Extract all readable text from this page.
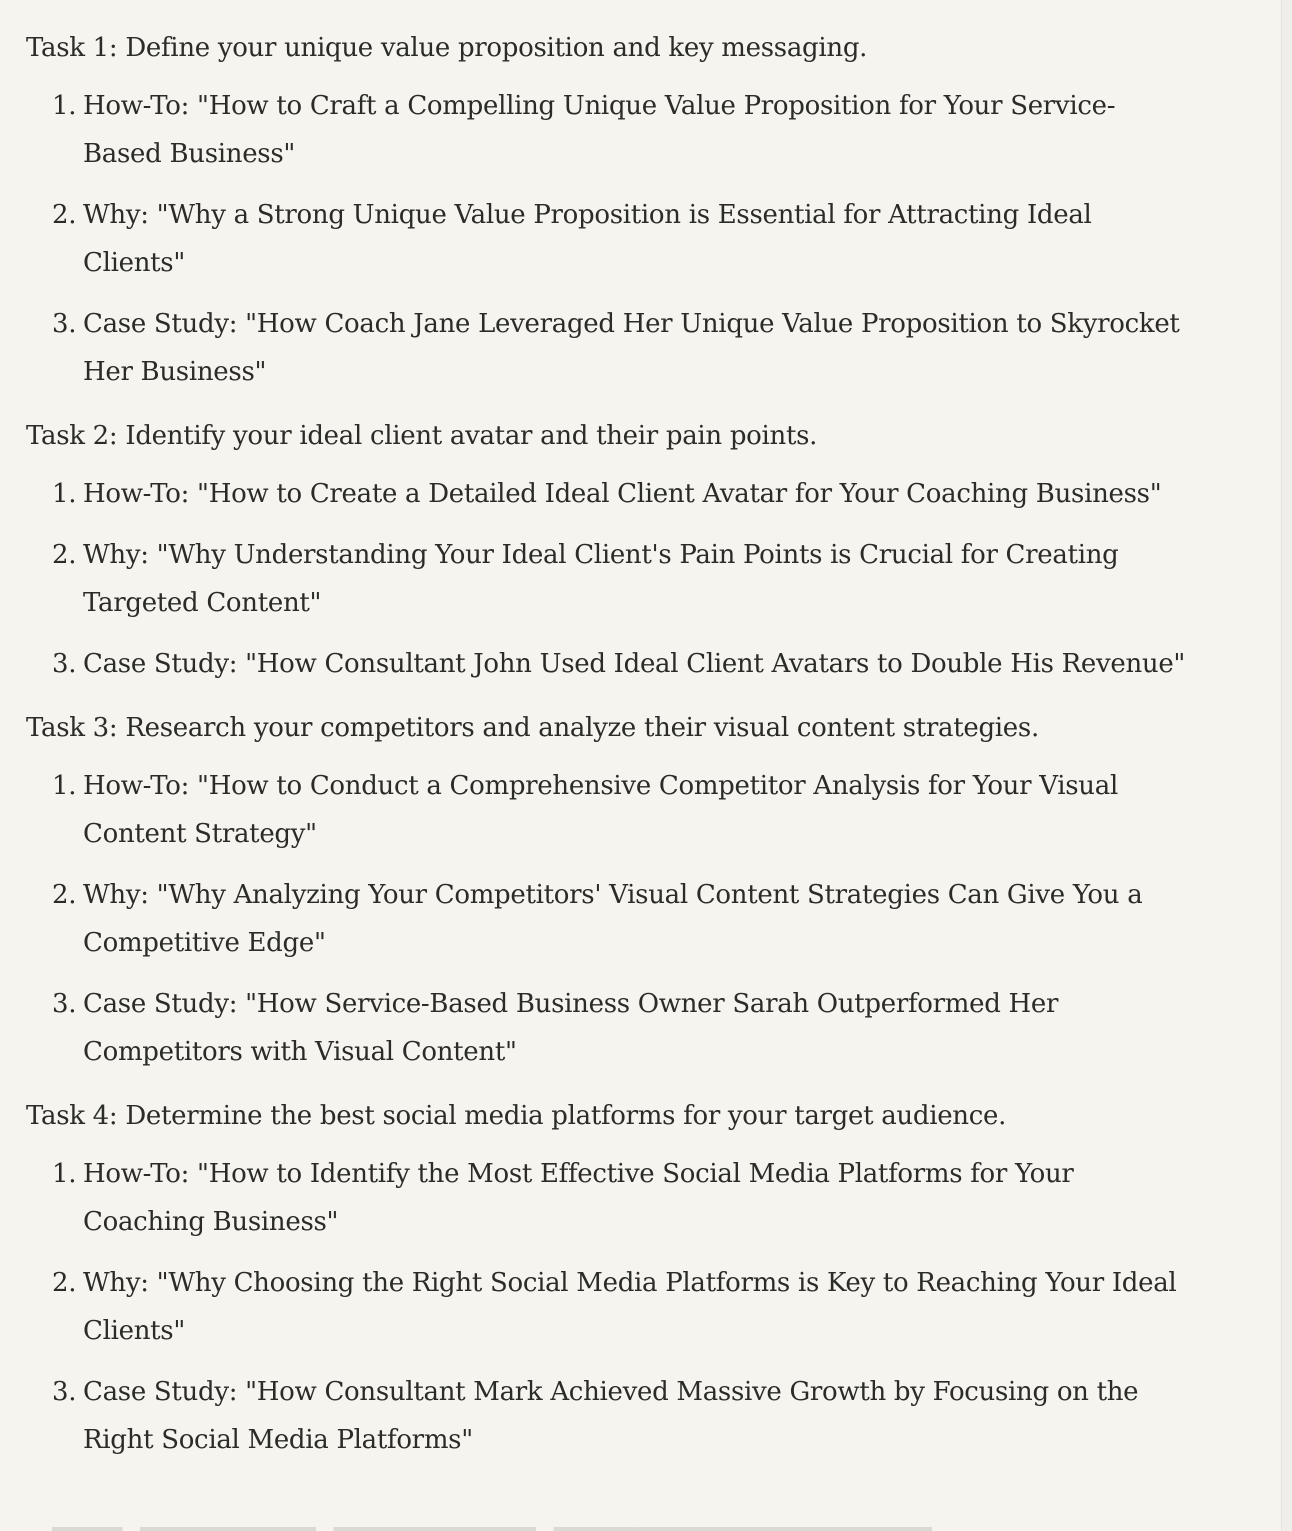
Task 1: Define your unique value proposition and key messaging.

1. How-To: "How to Craft a Compelling Unique Value Proposition for Your Service-Based Business"
2. Why: "Why a Strong Unique Value Proposition is Essential for Attracting Ideal Clients"
3. Case Study: "How Coach Jane Leveraged Her Unique Value Proposition to Skyrocket Her Business"

Task 2: Identify your ideal client avatar and their pain points.

1. How-To: "How to Create a Detailed Ideal Client Avatar for Your Coaching Business"
2. Why: "Why Understanding Your Ideal Client's Pain Points is Crucial for Creating Targeted Content"
3. Case Study: "How Consultant John Used Ideal Client Avatars to Double His Revenue"

Task 3: Research your competitors and analyze their visual content strategies.

1. How-To: "How to Conduct a Comprehensive Competitor Analysis for Your Visual Content Strategy"
2. Why: "Why Analyzing Your Competitors' Visual Content Strategies Can Give You a Competitive Edge"
3. Case Study: "How Service-Based Business Owner Sarah Outperformed Her Competitors with Visual Content"

Task 4: Determine the best social media platforms for your target audience.

1. How-To: "How to Identify the Most Effective Social Media Platforms for Your Coaching Business"
2. Why: "Why Choosing the Right Social Media Platforms is Key to Reaching Your Ideal Clients"
3. Case Study: "How Consultant Mark Achieved Massive Growth by Focusing on the Right Social Media Platforms"
